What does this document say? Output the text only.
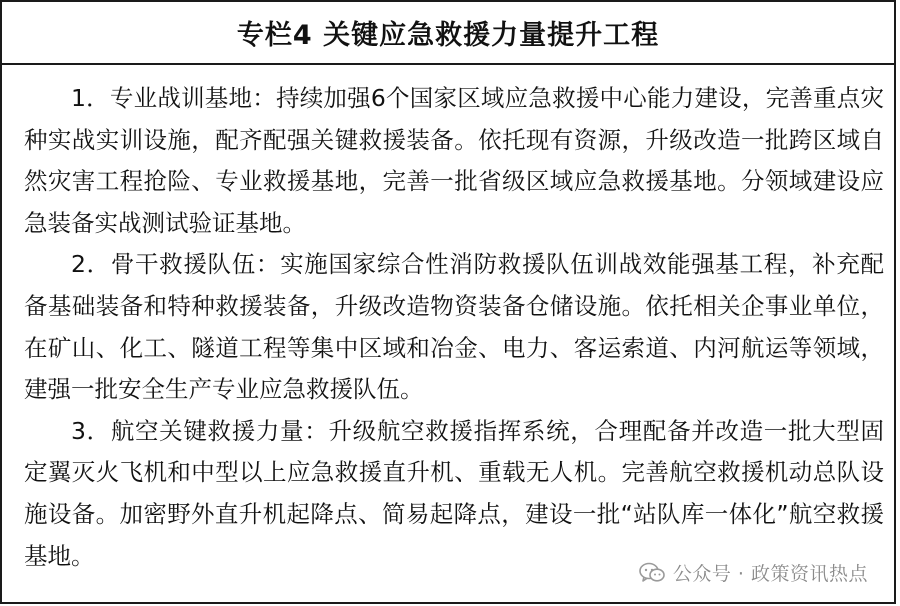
专栏4 关键应急救援力量提升工程

1．专业战训基地：持续加强6个国家区域应急救援中心能力建设，完善重点灾种实战实训设施，配齐配强关键救援装备。依托现有资源，升级改造一批跨区域自然灾害工程抢险、专业救援基地，完善一批省级区域应急救援基地。分领域建设应急装备实战测试验证基地。

2．骨干救援队伍：实施国家综合性消防救援队伍训战效能强基工程，补充配备基础装备和特种救援装备，升级改造物资装备仓储设施。依托相关企事业单位，在矿山、化工、隧道工程等集中区域和冶金、电力、客运索道、内河航运等领域，建强一批安全生产专业应急救援队伍。

3．航空关键救援力量：升级航空救援指挥系统，合理配备并改造一批大型固定翼灭火飞机和中型以上应急救援直升机、重载无人机。完善航空救援机动总队设施设备。加密野外直升机起降点、简易起降点，建设一批“站队库一体化”航空救援基地。

公众号 · 政策资讯热点
